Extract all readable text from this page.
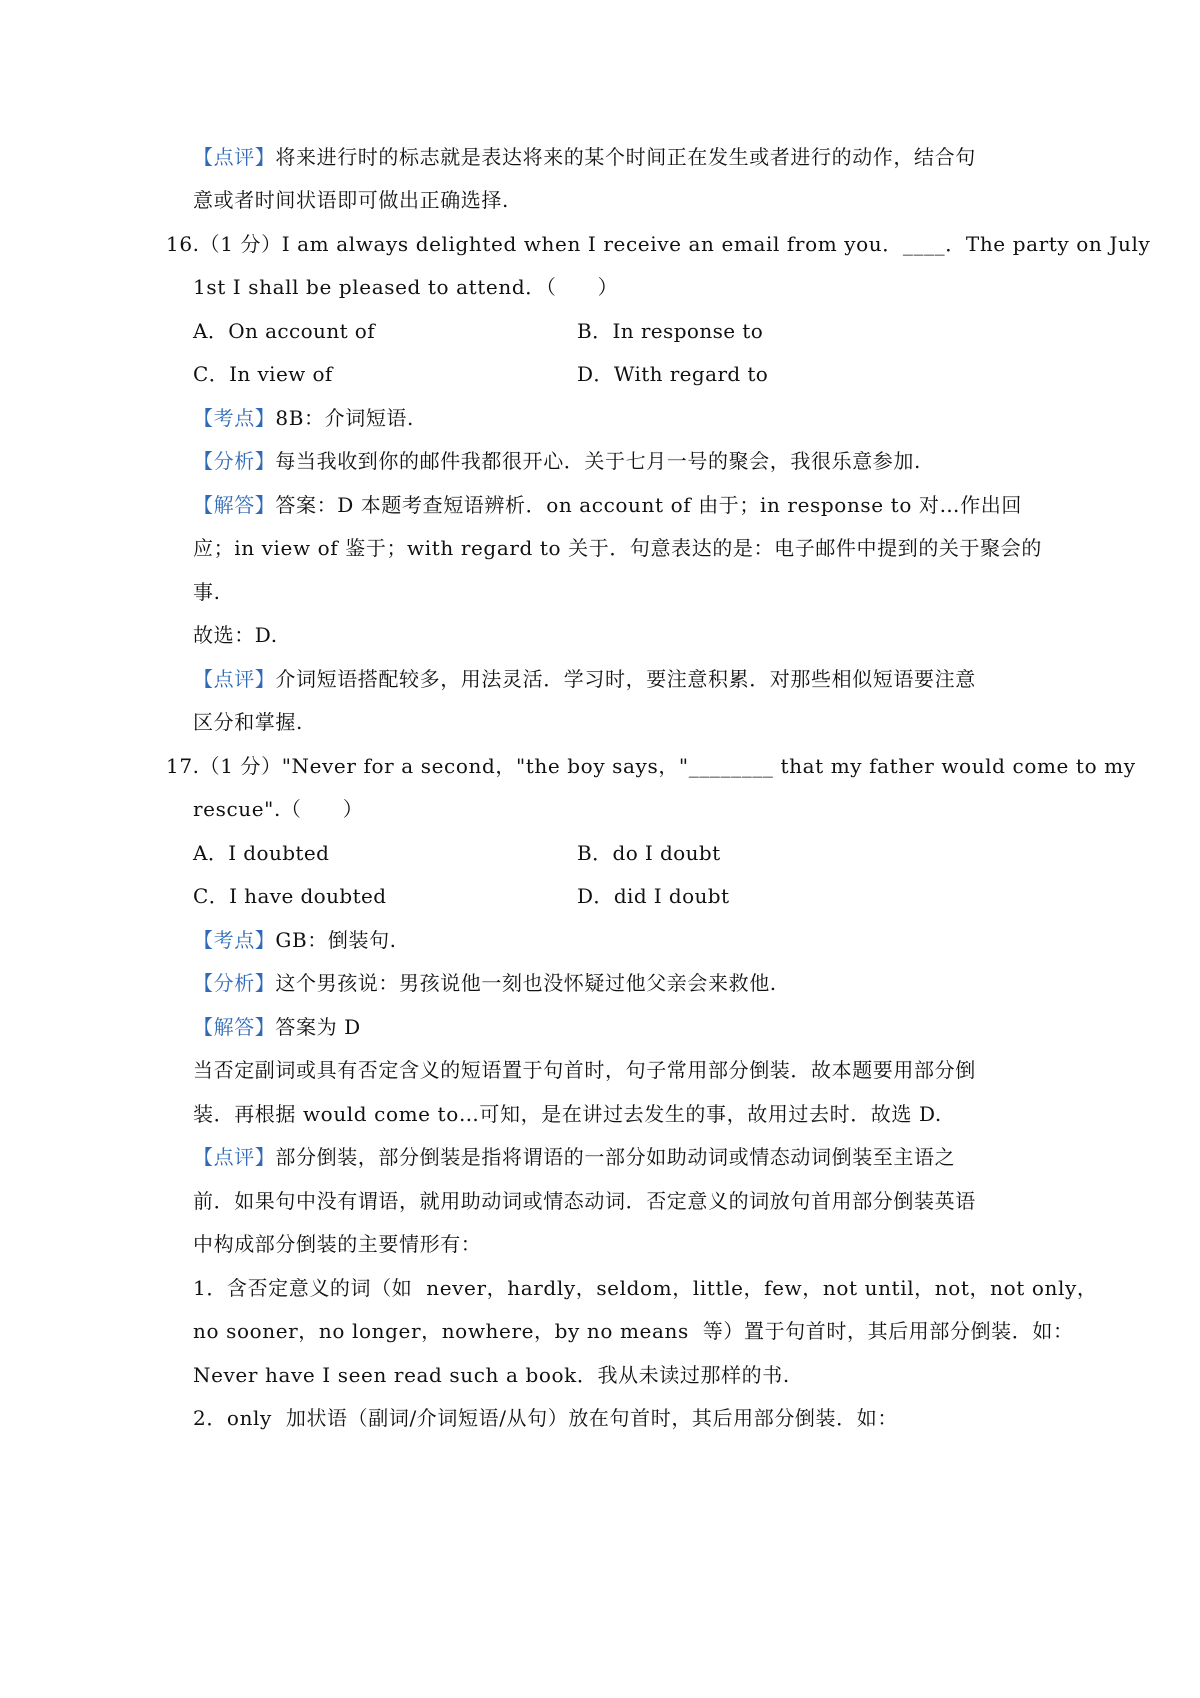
【点评】将来进行时的标志就是表达将来的某个时间正在发生或者进行的动作，结合句
意或者时间状语即可做出正确选择.
16.（1 分）I am always delighted when I receive an email from you．____．The party on July
1st I shall be pleased to attend．（　　）
A．On account of	B．In response to
C．In view of	D．With regard to
【考点】8B：介词短语.
【分析】每当我收到你的邮件我都很开心．关于七月一号的聚会，我很乐意参加.
【解答】答案：D 本题考查短语辨析．on account of 由于；in response to 对…作出回
应；in view of 鉴于；with regard to 关于．句意表达的是：电子邮件中提到的关于聚会的
事.
故选：D.
【点评】介词短语搭配较多，用法灵活．学习时，要注意积累．对那些相似短语要注意
区分和掌握.
17.（1 分）"Never for a second，"the boy says，"________ that my father would come to my
rescue".（　　）
A．I doubted	B．do I doubt
C．I have doubted	D．did I doubt
【考点】GB：倒装句.
【分析】这个男孩说：男孩说他一刻也没怀疑过他父亲会来救他.
【解答】答案为 D
当否定副词或具有否定含义的短语置于句首时，句子常用部分倒装．故本题要用部分倒
装．再根据 would come to…可知，是在讲过去发生的事，故用过去时．故选 D.
【点评】部分倒装，部分倒装是指将谓语的一部分如助动词或情态动词倒装至主语之
前．如果句中没有谓语，就用助动词或情态动词．否定意义的词放句首用部分倒装英语
中构成部分倒装的主要情形有：
1．含否定意义的词（如  never，hardly，seldom，little，few，not until，not，not only，
no sooner，no longer，nowhere，by no means  等）置于句首时，其后用部分倒装．如：
Never have I seen read such a book．我从未读过那样的书.
2．only  加状语（副词/介词短语/从句）放在句首时，其后用部分倒装．如：
